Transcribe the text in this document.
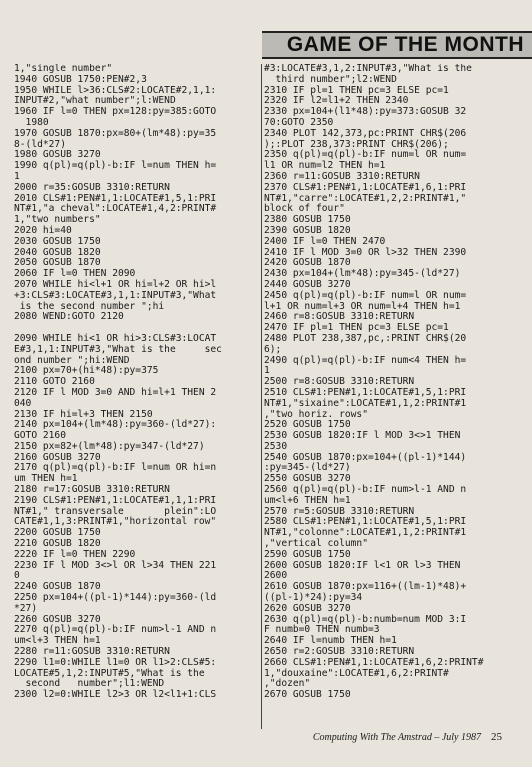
GAME OF THE MONTH
1,"single number"
1940 GOSUB 1750:PEN#2,3
1950 WHILE l>36:CLS#2:LOCATE#2,1,1:
INPUT#2,"what number";l:WEND
1960 IF l=0 THEN px=128:py=385:GOTO
1980
1970 GOSUB 1870:px=80+(lm*48):py=35
8-(ld*27)
1980 GOSUB 3270
1990 q(pl)=q(pl)-b:IF l=num THEN h=
1
2000 r=35:GOSUB 3310:RETURN
2010 CLS#1:PEN#1,1:LOCATE#1,5,1:PRI
NT#1,"a cheval":LOCATE#1,4,2:PRINT#
1,"two numbers"
2020 hi=40
2030 GOSUB 1750
2040 GOSUB 1820
2050 GOSUB 1870
2060 IF l=0 THEN 2090
2070 WHILE hi<l+1 OR hi=l+2 OR hi>l
+3:CLS#3:LOCATE#3,1,1:INPUT#3,"What
is the second number ";hi
2080 WEND:GOTO 2120
2090 WHILE hi<1 OR hi>3:CLS#3:LOCAT
E#3,1,1:INPUT#3,"What is the     sec
ond number ";hi:WEND
2100 px=70+(hi*48):py=375
2110 GOTO 2160
2120 IF l MOD 3=0 AND hi=l+1 THEN 2
040
2130 IF hi=l+3 THEN 2150
2140 px=104+(lm*48):py=360-(ld*27):
GOTO 2160
2150 px=82+(lm*48):py=347-(ld*27)
2160 GOSUB 3270
2170 q(pl)=q(pl)-b:IF l=num OR hi=n
um THEN h=1
2180 r=17:GOSUB 3310:RETURN
2190 CLS#1:PEN#1,1:LOCATE#1,1,1:PRI
NT#1," transversale       plein":LO
CATE#1,1,3:PRINT#1,"horizontal row"
2200 GOSUB 1750
2210 GOSUB 1820
2220 IF l=0 THEN 2290
2230 IF l MOD 3<>l OR l>34 THEN 221
0
2240 GOSUB 1870
2250 px=104+((pl-1)*144):py=360-(ld
*27)
2260 GOSUB 3270
2270 q(pl)=q(pl)-b:IF num>l-1 AND n
um<l+3 THEN h=1
2280 r=11:GOSUB 3310:RETURN
2290 l1=0:WHILE l1=0 OR l1>2:CLS#5:
LOCATE#5,1,2:INPUT#5,"What is the
second   number";l1:WEND
2300 l2=0:WHILE l2>3 OR l2<l1+1:CLS
#3:LOCATE#3,1,2:INPUT#3,"What is the
third number";l2:WEND
2310 IF pl=1 THEN pc=3 ELSE pc=1
2320 IF l2=l1+2 THEN 2340
2330 px=104+(l1*48):py=373:GOSUB 32
70:GOTO 2350
2340 PLOT 142,373,pc:PRINT CHR$(206
);:PLOT 238,373:PRINT CHR$(206);
2350 q(pl)=q(pl)-b:IF num=l OR num=
l1 OR num=l2 THEN h=1
2360 r=11:GOSUB 3310:RETURN
2370 CLS#1:PEN#1,1:LOCATE#1,6,1:PRI
NT#1,"carre":LOCATE#1,2,2:PRINT#1,"
block of four"
2380 GOSUB 1750
2390 GOSUB 1820
2400 IF l=0 THEN 2470
2410 IF l MOD 3=0 OR l>32 THEN 2390
2420 GOSUB 1870
2430 px=104+(lm*48):py=345-(ld*27)
2440 GOSUB 3270
2450 q(pl)=q(pl)-b:IF num=l OR num=
l+1 OR num=l+3 OR num=l+4 THEN h=1
2460 r=8:GOSUB 3310:RETURN
2470 IF pl=1 THEN pc=3 ELSE pc=1
2480 PLOT 238,387,pc,:PRINT CHR$(20
6);
2490 q(pl)=q(pl)-b:IF num<4 THEN h=
1
2500 r=8:GOSUB 3310:RETURN
2510 CLS#1:PEN#1,1:LOCATE#1,5,1:PRI
NT#1,"sixaine":LOCATE#1,1,2:PRINT#1
,"two horiz. rows"
2520 GOSUB 1750
2530 GOSUB 1820:IF l MOD 3<>1 THEN
2530
2540 GOSUB 1870:px=104+((pl-1)*144)
:py=345-(ld*27)
2550 GOSUB 3270
2560 q(pl)=q(pl)-b:IF num>l-1 AND n
um<l+6 THEN h=1
2570 r=5:GOSUB 3310:RETURN
2580 CLS#1:PEN#1,1:LOCATE#1,5,1:PRI
NT#1,"colonne":LOCATE#1,1,2:PRINT#1
,"vertical column"
2590 GOSUB 1750
2600 GOSUB 1820:IF l<1 OR l>3 THEN
2600
2610 GOSUB 1870:px=116+((lm-1)*48)+
((pl-1)*24):py=34
2620 GOSUB 3270
2630 q(pl)=q(pl)-b:numb=num MOD 3:I
F numb=0 THEN numb=3
2640 IF l=numb THEN h=1
2650 r=2:GOSUB 3310:RETURN
2660 CLS#1:PEN#1,1:LOCATE#1,6,2:PRINT#
1,"douxaine":LOCATE#1,6,2:PRINT#
,"dozen"
2670 GOSUB 1750
Computing With The Amstrad – July 1987 25
